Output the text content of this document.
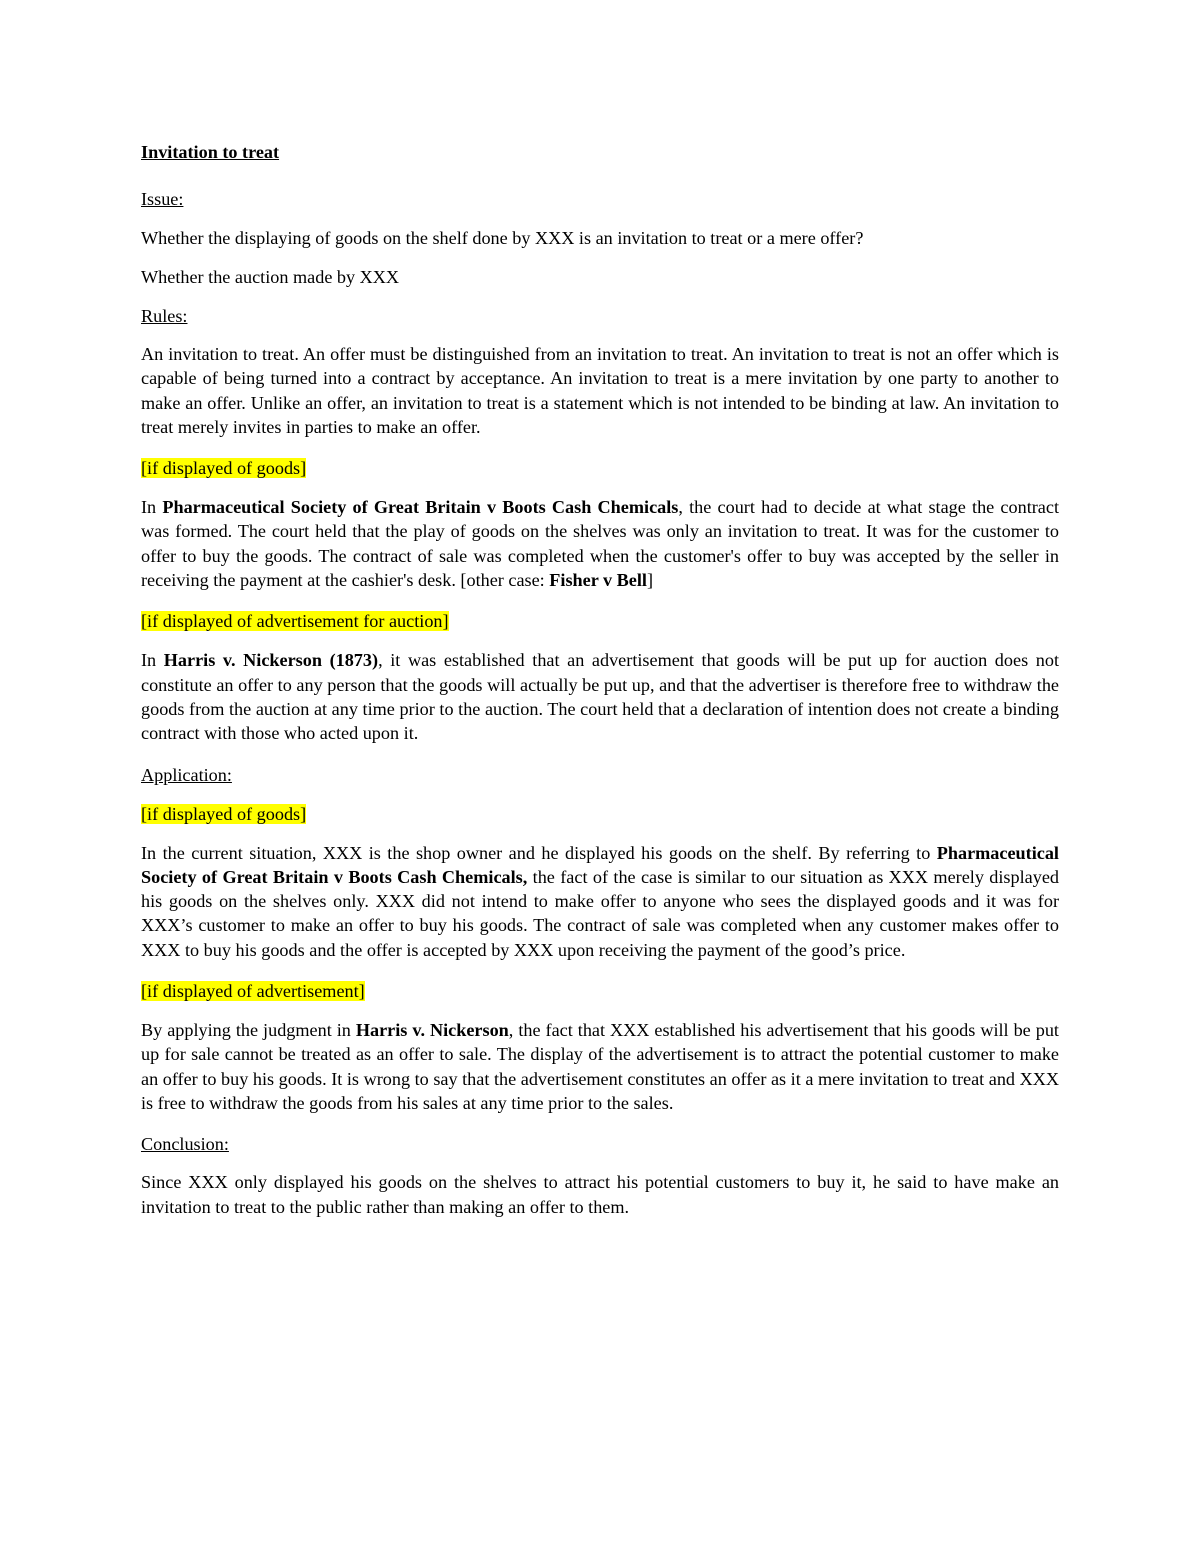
Invitation to treat
Issue:
Whether the displaying of goods on the shelf done by XXX is an invitation to treat or a mere offer?
Whether the auction made by XXX
Rules:
An invitation to treat. An offer must be distinguished from an invitation to treat. An invitation to treat is not an offer which is capable of being turned into a contract by acceptance. An invitation to treat is a mere invitation by one party to another to make an offer. Unlike an offer, an invitation to treat is a statement which is not intended to be binding at law. An invitation to treat merely invites in parties to make an offer.
[if displayed of goods]
In Pharmaceutical Society of Great Britain v Boots Cash Chemicals, the court had to decide at what stage the contract was formed. The court held that the play of goods on the shelves was only an invitation to treat. It was for the customer to offer to buy the goods. The contract of sale was completed when the customer's offer to buy was accepted by the seller in receiving the payment at the cashier's desk. [other case: Fisher v Bell]
[if displayed of advertisement for auction]
In Harris v. Nickerson (1873), it was established that an advertisement that goods will be put up for auction does not constitute an offer to any person that the goods will actually be put up, and that the advertiser is therefore free to withdraw the goods from the auction at any time prior to the auction. The court held that a declaration of intention does not create a binding contract with those who acted upon it.
Application:
[if displayed of goods]
In the current situation, XXX is the shop owner and he displayed his goods on the shelf. By referring to Pharmaceutical Society of Great Britain v Boots Cash Chemicals, the fact of the case is similar to our situation as XXX merely displayed his goods on the shelves only. XXX did not intend to make offer to anyone who sees the displayed goods and it was for XXX’s customer to make an offer to buy his goods. The contract of sale was completed when any customer makes offer to XXX to buy his goods and the offer is accepted by XXX upon receiving the payment of the good’s price.
[if displayed of advertisement]
By applying the judgment in Harris v. Nickerson, the fact that XXX established his advertisement that his goods will be put up for sale cannot be treated as an offer to sale. The display of the advertisement is to attract the potential customer to make an offer to buy his goods. It is wrong to say that the advertisement constitutes an offer as it a mere invitation to treat and XXX is free to withdraw the goods from his sales at any time prior to the sales.
Conclusion:
Since XXX only displayed his goods on the shelves to attract his potential customers to buy it, he said to have make an invitation to treat to the public rather than making an offer to them.
